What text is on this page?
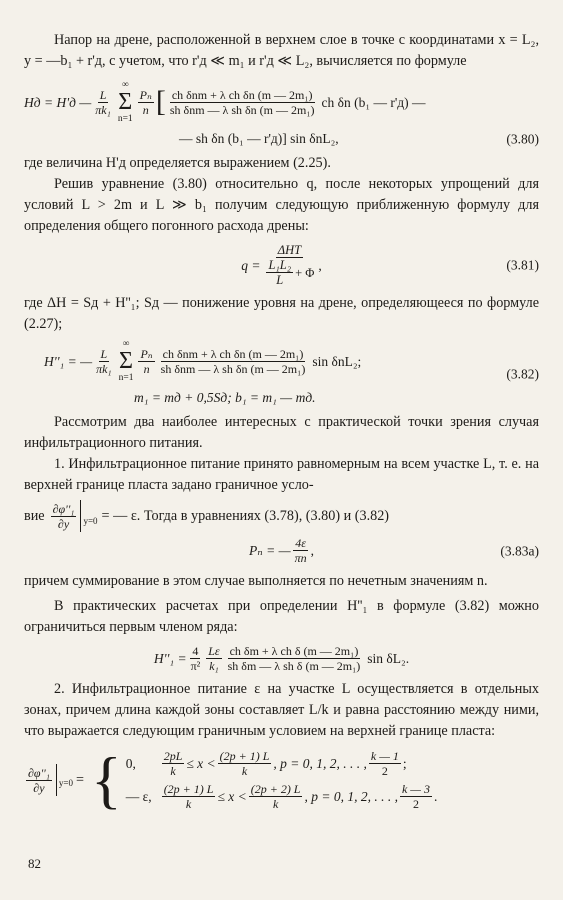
Напор на дрене, расположенной в верхнем слое в точке с координатами x = L₂, y = —b₁ + r'д, с учетом, что r'д ≪ m₁ и r'д ≪ L₂, вычисляется по формуле
Hд = H'д — $\frac{L}{\text{πk₁}}$
∞
Σ
n=1
$\frac{\text{Pₙ}}{n}$ [ $\frac{\text{ch δnm + λ ch δn (m — 2m₁)}}{\text{sh δnm — λ sh δn (m — 2m₁)}}$ ch δn (b₁ — r'д) —
— sh δn (b₁ — r'д)] sin δnL₂,	(3.80)
где величина H'д определяется выражением (2.25).
Решив уравнение (3.80) относительно q, после некоторых упрощений для условий L > 2m и L ≫ b₁ получим следующую приближенную формулу для определения общего погонного расхода дрены:
$q = \frac{\text{ΔHT}}{\frac{\text{L₁L₂}}{L} + \Phi}$ ,	(3.81)
где ΔH = Sд + H''₁; Sд — понижение уровня на дрене, определяющееся по формуле (2.27);
H''₁ = — $\frac{L}{\text{πk₁}}$
∞
Σ
n=1
$\frac{\text{Pₙ}}{n} \frac{\text{ch δnm + λ ch δn (m — 2m₁)}}{\text{sh δnm — λ sh δn (m — 2m₁)}}$ sin δnL₂;
m₁ = mд + 0,5Sд; b₁ = m₁ — mд.
(3.82)
Рассмотрим два наиболее интересных с практической точки зрения случая инфильтрационного питания.
1. Инфильтрационное питание принято равномерным на всем участке L, т. е. на верхней границе пласта задано граничное усло-
вие $\frac{\text{∂φ''₁}}{\partial y} y=0$ = — ε. Тогда в уравнениях (3.78), (3.80) и (3.82)
Pₙ = — $\frac{4\varepsilon}{\pi n}$ ,	(3.83а)
причем суммирование в этом случае выполняется по нечетным значениям n.
В практических расчетах при определении H''₁ в формуле (3.82) можно ограничиться первым членом ряда:
$H''_1 = \frac{4}{\text{π²}} \frac{L\varepsilon}{\text{k₁}} \frac{\text{ch δm + λ ch δ (m — 2m₁)}}{\text{sh δm — λ sh δ (m — 2m₁)}}$ sin δL₂.
2. Инфильтрационное питание ε на участке L осуществляется в отдельных зонах, причем длина каждой зоны составляет L/k и равна расстоянию между ними, что выражается следующим граничным условием на верхней границе пласта:
$\frac{\text{∂φ''₁}}{\partial y} y=0$ = { 0,	$\frac{2pL}{k} \le x < \frac{(2p + 1) L}{k}$ , p = 0, 1, 2, . . . , $\frac{k — 1}{2}$ ;
— ε, $\frac{(2p + 1) L}{k} \le x < \frac{(2p + 2) L}{k}$ , p = 0, 1, 2, . . . , $\frac{k — 3}{2}$ .
82
